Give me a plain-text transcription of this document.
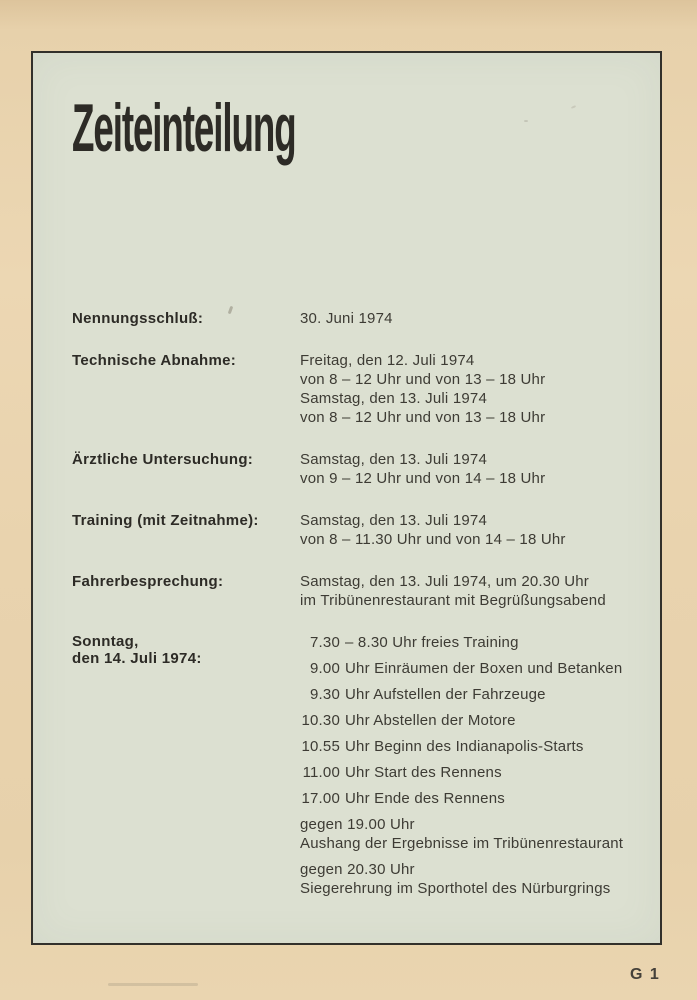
Zeiteinteilung
Nennungsschluß:	30. Juni 1974
Technische Abnahme:	Freitag, den 12. Juli 1974
von 8 – 12 Uhr und von 13 – 18 Uhr
Samstag, den 13. Juli 1974
von 8 – 12 Uhr und von 13 – 18 Uhr
Ärztliche Untersuchung:	Samstag, den 13. Juli 1974
von 9 – 12 Uhr und von 14 – 18 Uhr
Training (mit Zeitnahme):	Samstag, den 13. Juli 1974
von 8 – 11.30 Uhr und von 14 – 18 Uhr
Fahrerbesprechung:	Samstag, den 13. Juli 1974, um 20.30 Uhr
im Tribünenrestaurant mit Begrüßungsabend
Sonntag,
den 14. Juli 1974:
7.30 – 8.30 Uhr freies Training
9.00 Uhr Einräumen der Boxen und Betanken
9.30 Uhr Aufstellen der Fahrzeuge
10.30 Uhr Abstellen der Motore
10.55 Uhr Beginn des Indianapolis-Starts
11.00 Uhr Start des Rennens
17.00 Uhr Ende des Rennens
gegen 19.00 Uhr
Aushang der Ergebnisse im Tribünenrestaurant
gegen 20.30 Uhr
Siegerehrung im Sporthotel des Nürburgrings
G 1
